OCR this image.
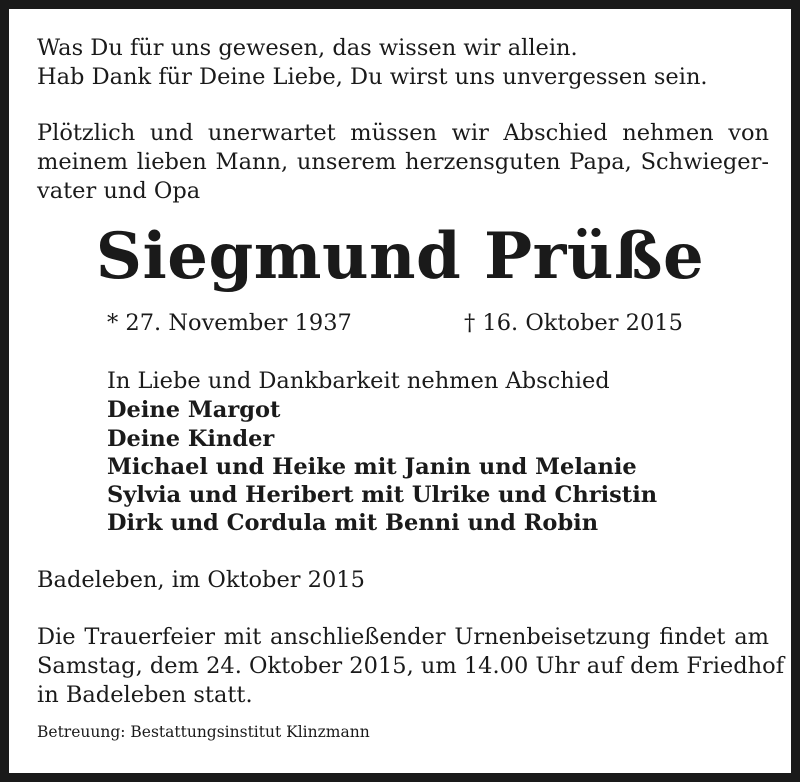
Was Du für uns gewesen, das wissen wir allein.
Hab Dank für Deine Liebe, Du wirst uns unvergessen sein.
Plötzlich und unerwartet müssen wir Abschied nehmen von
meinem lieben Mann, unserem herzensguten Papa, Schwieger-
vater und Opa
Siegmund Prüße
* 27. November 1937	† 16. Oktober 2015
In Liebe und Dankbarkeit nehmen Abschied
Deine Margot
Deine Kinder
Michael und Heike mit Janin und Melanie
Sylvia und Heribert mit Ulrike und Christin
Dirk und Cordula mit Benni und Robin
Badeleben, im Oktober 2015
Die Trauerfeier mit anschließender Urnenbeisetzung findet am
Samstag, dem 24. Oktober 2015, um 14.00 Uhr auf dem Friedhof
in Badeleben statt.
Betreuung: Bestattungsinstitut Klinzmann
